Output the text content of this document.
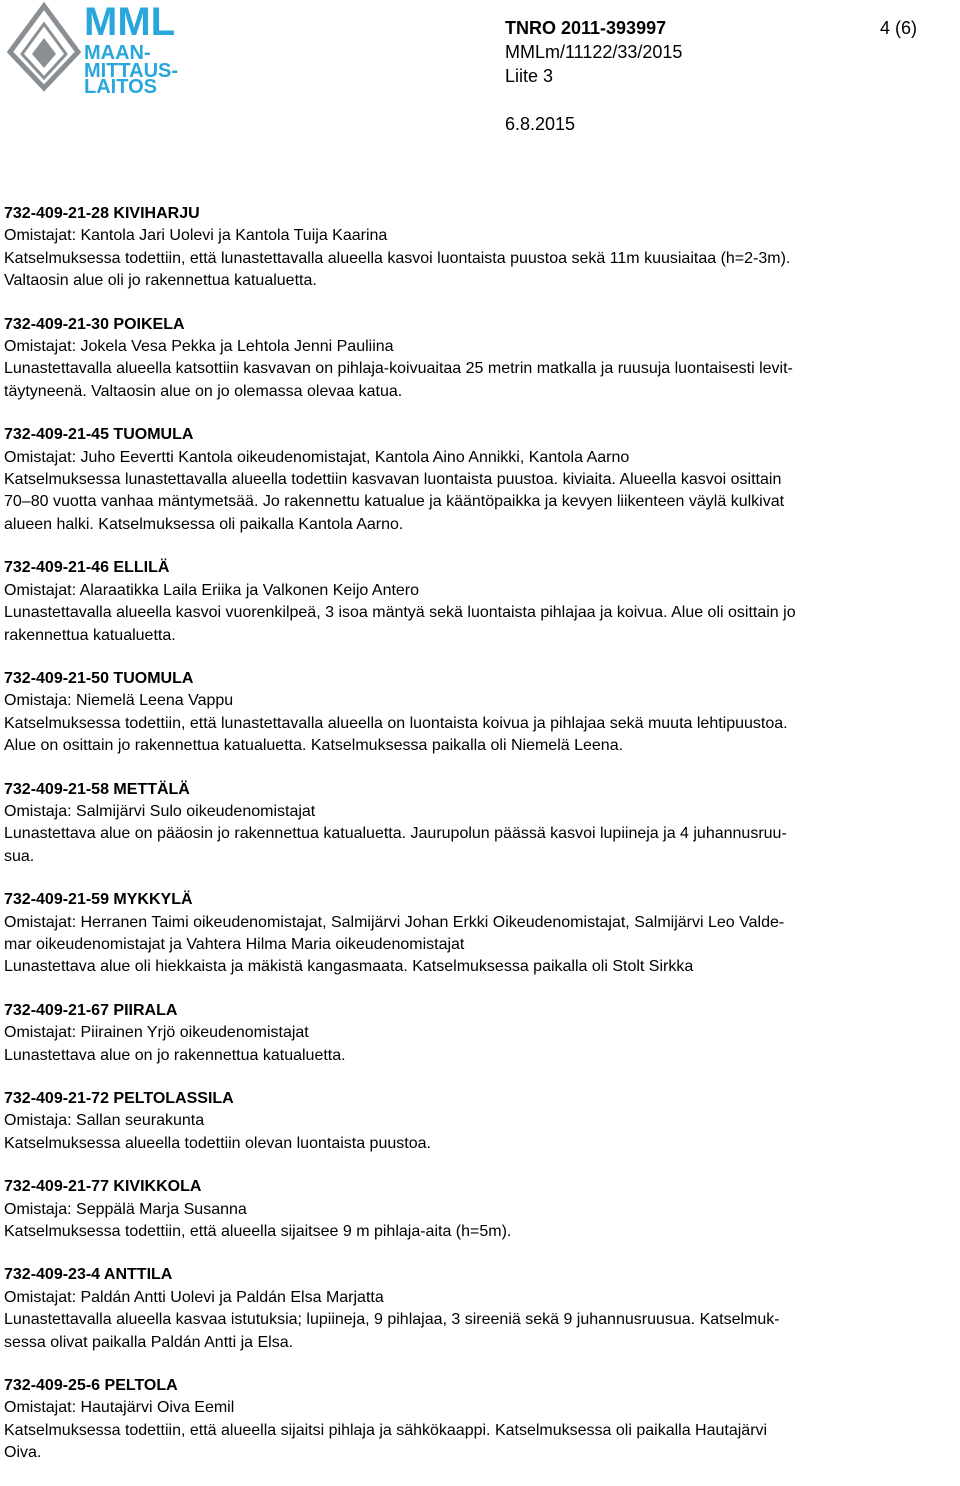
MML
MAAN-
MITTAUS-
LAITOS
TNRO 2011-393997	4 (6)
MMLm/11122/33/2015
Liite 3
6.8.2015

732-409-21-28 KIVIHARJU

Omistajat: Kantola Jari Uolevi ja Kantola Tuija Kaarina

Katselmuksessa todettiin, että lunastettavalla alueella kasvoi luontaista puustoa sekä 11m kuusiaitaa (h=2-3m).

Valtaosin alue oli jo rakennettua katualuetta.

732-409-21-30 POIKELA

Omistajat: Jokela Vesa Pekka ja Lehtola Jenni Pauliina

Lunastettavalla alueella katsottiin kasvavan on pihlaja-koivuaitaa 25 metrin matkalla ja ruusuja luontaisesti levit-

täytyneenä. Valtaosin alue on jo olemassa olevaa katua.

732-409-21-45 TUOMULA

Omistajat: Juho Eevertti Kantola oikeudenomistajat, Kantola Aino Annikki, Kantola Aarno

Katselmuksessa lunastettavalla alueella todettiin kasvavan luontaista puustoa. kiviaita. Alueella kasvoi osittain

70–80 vuotta vanhaa mäntymetsää. Jo rakennettu katualue ja kääntöpaikka ja kevyen liikenteen väylä kulkivat

alueen halki. Katselmuksessa oli paikalla Kantola Aarno.

732-409-21-46 ELLILÄ

Omistajat: Alaraatikka Laila Eriika ja Valkonen Keijo Antero

Lunastettavalla alueella kasvoi vuorenkilpeä, 3 isoa mäntyä sekä luontaista pihlajaa ja koivua. Alue oli osittain jo

rakennettua katualuetta.

732-409-21-50 TUOMULA

Omistaja: Niemelä Leena Vappu

Katselmuksessa todettiin, että lunastettavalla alueella on luontaista koivua ja pihlajaa sekä muuta lehtipuustoa.

Alue on osittain jo rakennettua katualuetta. Katselmuksessa paikalla oli Niemelä Leena.

732-409-21-58 METTÄLÄ

Omistaja: Salmijärvi Sulo oikeudenomistajat

Lunastettava alue on pääosin jo rakennettua katualuetta. Jaurupolun päässä kasvoi lupiineja ja 4 juhannusruu-

sua.

732-409-21-59 MYKKYLÄ

Omistajat: Herranen Taimi oikeudenomistajat, Salmijärvi Johan Erkki Oikeudenomistajat, Salmijärvi Leo Valde-

mar oikeudenomistajat ja Vahtera Hilma Maria oikeudenomistajat

Lunastettava alue oli hiekkaista ja mäkistä kangasmaata. Katselmuksessa paikalla oli Stolt Sirkka

732-409-21-67 PIIRALA

Omistajat: Piirainen Yrjö oikeudenomistajat

Lunastettava alue on jo rakennettua katualuetta.

732-409-21-72 PELTOLASSILA

Omistaja: Sallan seurakunta

Katselmuksessa alueella todettiin olevan luontaista puustoa.

732-409-21-77 KIVIKKOLA

Omistaja: Seppälä Marja Susanna

Katselmuksessa todettiin, että alueella sijaitsee 9 m pihlaja-aita (h=5m).

732-409-23-4 ANTTILA

Omistajat: Paldán Antti Uolevi ja Paldán Elsa Marjatta

Lunastettavalla alueella kasvaa istutuksia; lupiineja, 9 pihlajaa, 3 sireeniä sekä 9 juhannusruusua. Katselmuk-

sessa olivat paikalla Paldán Antti ja Elsa.

732-409-25-6 PELTOLA

Omistajat: Hautajärvi Oiva Eemil

Katselmuksessa todettiin, että alueella sijaitsi pihlaja ja sähkökaappi. Katselmuksessa oli paikalla Hautajärvi

Oiva.
